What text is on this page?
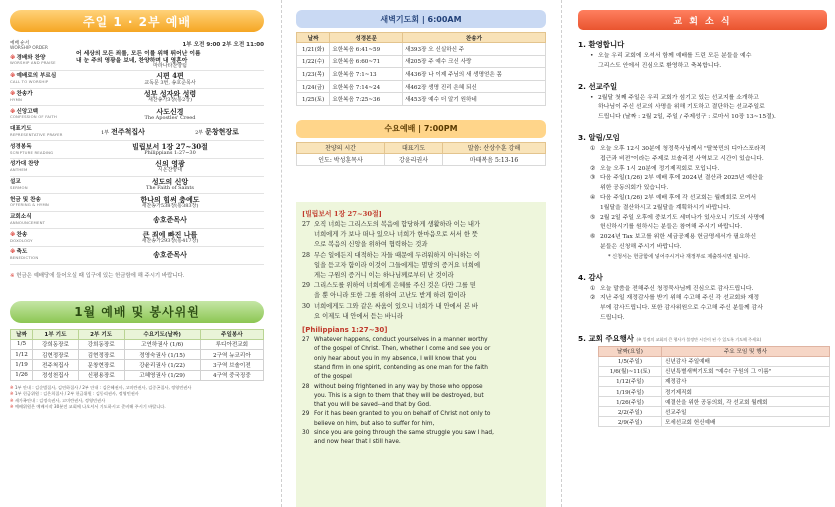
주일 1 · 2부 예배
예배 순서
WORSHIP ORDER
1부 오전 9:00 2부 오전 11:00
※경배와 찬양
WORSHIP AND PRAISE
어 세상의 모든 죄를, 모든 이를 위해 뛰어난 이름
내 눈 주의 영광을 보네, 찬양하며 내 영혼아
마라나타찬양팀
※예배로의 부르심
CALL TO WORSHIP
시편 4편
교독문 3번, 송호준목사
※찬송가
HYMN
성부 성자와 성령
새찬송가3장(통2장)
※신앙고백
CONFESSION OF FAITH
사도신경
The Apostles' Creed
대표기도
REPRESENTATIVE PRAYER	1부 전주척집사	2부 문창현장로
성경봉독
SCRIPTURE READING
빌립보서 1장 27~30절
Philippians 1:27~30
성가대 찬양
ANTHEM
신의 영광
시온찬양대
설교
SERMON
성도의 신앙
The Faith of Saints
헌금 및 찬송
OFFERING & HYMN
한나의 힘써 충예도
새찬송가538장(통383장)
교회소식
ANNOUNCEMENT	송호준목사
※찬송
DOXOLOGY
큰 죄에 빠진 나를
새찬송가293장(통417장)
※축도
BENEDICTION	송호준목사
※ 헌금은 예배당에 들어오실 때 입구에 있는 헌금함에 해 주시기 바랍니다.
1월 예배 및 봉사위원
날짜	1부 기도	2부 기도	수요기도(날짜)	주일봉사
1/5	강희동장로	강희동장로	고연하권사 (1/6)	루디아전교회
1/12	김현정장로	김현정장로	정영숙권사 (1/15)	2구역 뉴코리아
1/19	전주척집사	문창현장로	강윤리권사 (1/22)	3구역 브솔이전
1/26	정성천집사	신평용장로	고혜영권사 (1/29)	4구역 중국징중
※ 1부 안내 : 김순범집사, 김연하집사 / 2부 안내 : 김은혜권사, 고미란권사, 김중곤집사, 정영민권사
※ 1부 헌금위원 : 김은희집사 / 2부 헌금위원 : 김동리권사, 정영민권사
※ 새가족안내 : 김정숙권사, 고미란권사, 정영민권사
※ 예배위원은 예배시작 30분전 교회에 나오셔서 기도하시고 준비해 주시기 바랍니다.
새벽기도회 | 6:00AM
날짜	성경본문	찬송가
1/21(화)	요한복음 6:41~59	새393장 오 신실하신 주
1/22(수)	요한복음 6:60~71	새205장 주 예수 크신 사랑
1/23(목)	요한복음 7:1~13	새436장 나 이제 주님의 새 생명얻은 몸
1/24(금)	요한복음 7:14~24	새462장 생명 진리 은혜 되신
1/25(토)	요한복음 7:25~36	새453장 예수 더 알기 원하네
수요예배 | 7:00PM
찬양의 시간	대표기도	말씀: 산상수훈 강해
인도: 박성훈목사	강윤리권사	마태복음 5:13-16
[빌립보서 1장 27~30절]
27 오직 너희는 그리스도의 복음에 합당하게 생활하라 이는 내가
너희에게 가 보나 떠나 있으나 너희가 한마음으로 서서 한 뜻
으로 복음의 신앙을 위하여 협력하는 것과
28 무슨 일에든지 대적하는 자들 때문에 두려워하지 아니하는 이
일을 듣고자 함이라 이것이 그들에게는 멸망의 증거요 너희에
게는 구원의 증거니 이는 하나님께로부터 난 것이라
29 그리스도를 위하여 너희에게 은혜를 주신 것은 다만 그를 믿
을 뿐 아니라 또한 그를 위하여 고난도 받게 하려 함이라
30 너희에게도 그와 같은 싸움이 있으니 너희가 내 안에서 본 바
요 이제도 내 안에서 듣는 바니라
[Philippians 1:27~30]
27 Whatever happens, conduct yourselves in a manner worthy
of the gospel of Christ. Then, whether I come and see you or
only hear about you in my absence, I will know that you
stand firm in one spirit, contending as one man for the faith
of the gospel
28 without being frightened in any way by those who oppose
you. This is a sign to them that they will be destroyed, but
that you will be saved--and that by God.
29 For it has been granted to you on behalf of Christ not only to
believe on him, but also to suffer for him,
30 since you are going through the same struggle you saw I had,
and now hear that I still have.
교 회 소 식
1. 환영합니다
• 오늘 우리 교회에 오셔서 함께 예배를 드린 모든 분들을 예수
그리스도 안에서 진심으로 환영하고 축복합니다.
2. 선교주일
• 2월달 첫째 주일은 우리 교회가 섬기고 있는 선교지를 소개하고
하나님이 주신 선교의 사명을 위해 기도하고 결단하는 선교주일로
드립니다 (날짜 : 2월 2일, 주일 / 주제성구 : 로마서 10장 13~15절).
3. 알림/모임
① 오늘 오후 12시 30분에 청정묵사님께서 "탈북민의 디아스포라적
접근과 비전"이라는 주제로 브솔리전 사역보고 시간이 있습니다.
② 오늘 오후 1시 20분에 정기제직회로 모입니다.
③ 다음 주일(1/26) 2부 예배 후에 2024년 결산과 2025년 예산을
위한 공동의회가 있습니다.
④ 다음 주일(1/26) 2부 예배 후에 각 선교회는 월례회로 모여서
1월달을 결산하시고 2월달을 계획하시기 바랍니다.
⑤ 2월 2일 주일 오후에 중보기도 세미나가 있사오니 기도의 사명에
헌신하시기를 원하시는 분들은 참여해 주시기 바랍니다.
⑥ 2024년 Tax 보고를 위한 세금공제용 헌금명세서가 필요하신
분들은 신청해 주시기 바랍니다.
* 신청서는 헌금함에 넣어주시거나 재정부로 제출하시면 됩니다.
4. 감사
① 오늘 말씀을 전해주신 청정묵사님께 진심으로 감사드립니다.
② 지난 주일 재정감사를 받기 위해 수고해 주신 각 선교회와 재정
부에 감사드립니다. 또한 감사위원으로 수고해 주신 분들께 감사
드립니다.
5. 교회 주요행사 (※ 일정의 교회의 큰 행사가 불정만 시간이 된 수 있도록 기도해 주세요)
날짜(요일)	주요 모임 및 행사
1/5(주일)	신년감사 주일예배
1/6(월)~11(토)	신년특별새벽기도회 "예수! 구원의 그 이름"
1/12(주일)	제정감사
1/19(주일)	정기제직회
1/26(주일)	예결산을 위한 공동의회, 각 선교회 월례회
2/2(주일)	선교주일
2/9(주일)	모세선교회 헌신예배
